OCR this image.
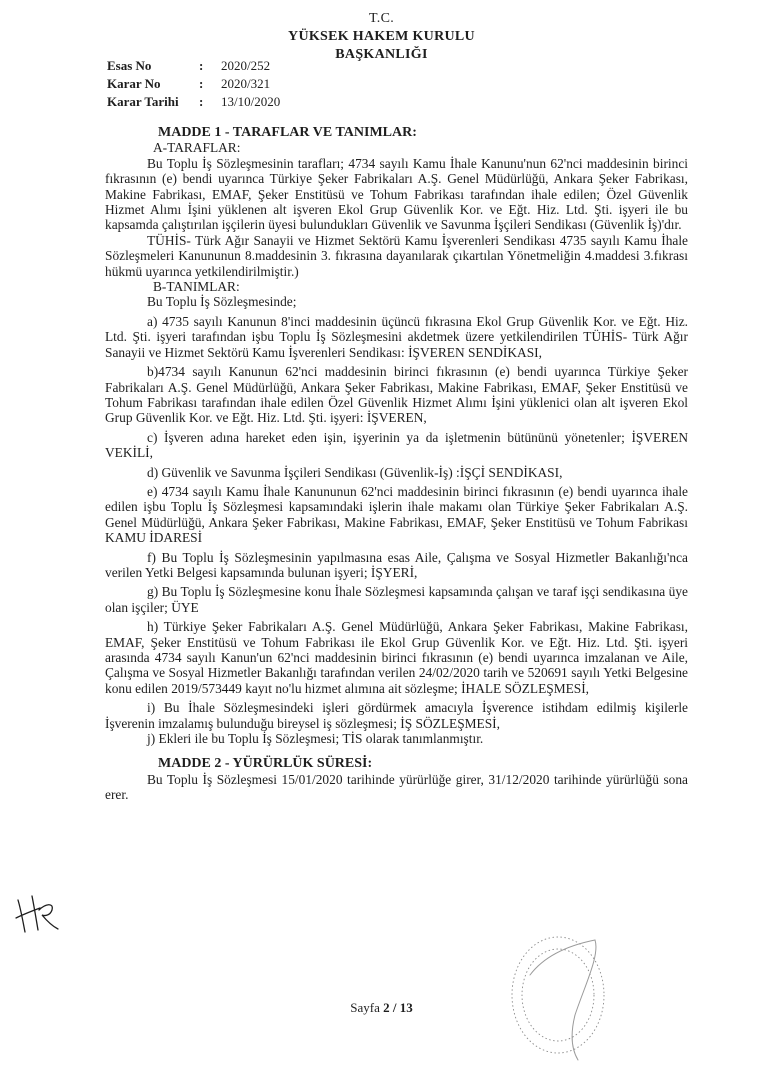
T.C.
YÜKSEK HAKEM KURULU
BAŞKANLIĞI
Esas No	:	2020/252
Karar No	:	2020/321
Karar Tarihi	:	13/10/2020

MADDE 1 - TARAFLAR VE TANIMLAR:

A-TARAFLAR:

Bu Toplu İş Sözleşmesinin tarafları; 4734 sayılı Kamu İhale Kanunu'nun 62'nci maddesinin birinci fıkrasının (e) bendi uyarınca Türkiye Şeker Fabrikaları A.Ş. Genel Müdürlüğü, Ankara Şeker Fabrikası, Makine Fabrikası, EMAF, Şeker Enstitüsü ve Tohum Fabrikası tarafından ihale edilen; Özel Güvenlik Hizmet Alımı İşini yüklenen alt işveren Ekol Grup Güvenlik Kor. ve Eğt. Hiz. Ltd. Şti. işyeri ile bu kapsamda çalıştırılan işçilerin üyesi bulundukları Güvenlik ve Savunma İşçileri Sendikası (Güvenlik İş)'dır.

TÜHİS- Türk Ağır Sanayii ve Hizmet Sektörü Kamu İşverenleri Sendikası 4735 sayılı Kamu İhale Sözleşmeleri Kanununun 8.maddesinin 3. fıkrasına dayanılarak çıkartılan Yönetmeliğin 4.maddesi 3.fıkrası hükmü uyarınca yetkilendirilmiştir.)

B-TANIMLAR:

Bu Toplu İş Sözleşmesinde;

a) 4735 sayılı Kanunun 8'inci maddesinin üçüncü fıkrasına Ekol Grup Güvenlik Kor. ve Eğt. Hiz. Ltd. Şti. işyeri tarafından işbu Toplu İş Sözleşmesini akdetmek üzere yetkilendirilen TÜHİS- Türk Ağır Sanayii ve Hizmet Sektörü Kamu İşverenleri Sendikası: İŞVEREN SENDİKASI,

b)4734 sayılı Kanunun 62'nci maddesinin birinci fıkrasının (e) bendi uyarınca Türkiye Şeker Fabrikaları A.Ş. Genel Müdürlüğü, Ankara Şeker Fabrikası, Makine Fabrikası, EMAF, Şeker Enstitüsü ve Tohum Fabrikası tarafından ihale edilen Özel Güvenlik Hizmet Alımı İşini yüklenici olan alt işveren Ekol Grup Güvenlik Kor. ve Eğt. Hiz. Ltd. Şti. işyeri: İŞVEREN,

c) İşveren adına hareket eden işin, işyerinin ya da işletmenin bütününü yönetenler; İŞVEREN VEKİLİ,

d) Güvenlik ve Savunma İşçileri Sendikası (Güvenlik-İş) :İŞÇİ SENDİKASI,

e) 4734 sayılı Kamu İhale Kanununun 62'nci maddesinin birinci fıkrasının (e) bendi uyarınca ihale edilen işbu Toplu İş Sözleşmesi kapsamındaki işlerin ihale makamı olan Türkiye Şeker Fabrikaları A.Ş. Genel Müdürlüğü, Ankara Şeker Fabrikası, Makine Fabrikası, EMAF, Şeker Enstitüsü ve Tohum Fabrikası KAMU İDARESİ

f) Bu Toplu İş Sözleşmesinin yapılmasına esas Aile, Çalışma ve Sosyal Hizmetler Bakanlığı'nca verilen Yetki Belgesi kapsamında bulunan işyeri; İŞYERİ,

g) Bu Toplu İş Sözleşmesine konu İhale Sözleşmesi kapsamında çalışan ve taraf işçi sendikasına üye olan işçiler; ÜYE

h) Türkiye Şeker Fabrikaları A.Ş. Genel Müdürlüğü, Ankara Şeker Fabrikası, Makine Fabrikası, EMAF, Şeker Enstitüsü ve Tohum Fabrikası ile Ekol Grup Güvenlik Kor. ve Eğt. Hiz. Ltd. Şti. işyeri arasında 4734 sayılı Kanun'un 62'nci maddesinin birinci fıkrasının (e) bendi uyarınca imzalanan ve Aile, Çalışma ve Sosyal Hizmetler Bakanlığı tarafından verilen 24/02/2020 tarih ve 520691 sayılı Yetki Belgesine konu edilen 2019/573449 kayıt no'lu hizmet alımına ait sözleşme; İHALE SÖZLEŞMESİ,

i) Bu İhale Sözleşmesindeki işleri gördürmek amacıyla İşverence istihdam edilmiş kişilerle İşverenin imzalamış bulunduğu bireysel iş sözleşmesi; İŞ SÖZLEŞMESİ,

j) Ekleri ile bu Toplu İş Sözleşmesi; TİS olarak tanımlanmıştır.

MADDE 2 - YÜRÜRLÜK SÜRESİ:

Bu Toplu İş Sözleşmesi 15/01/2020 tarihinde yürürlüğe girer, 31/12/2020 tarihinde yürürlüğü sona erer.

Sayfa 2 / 13
